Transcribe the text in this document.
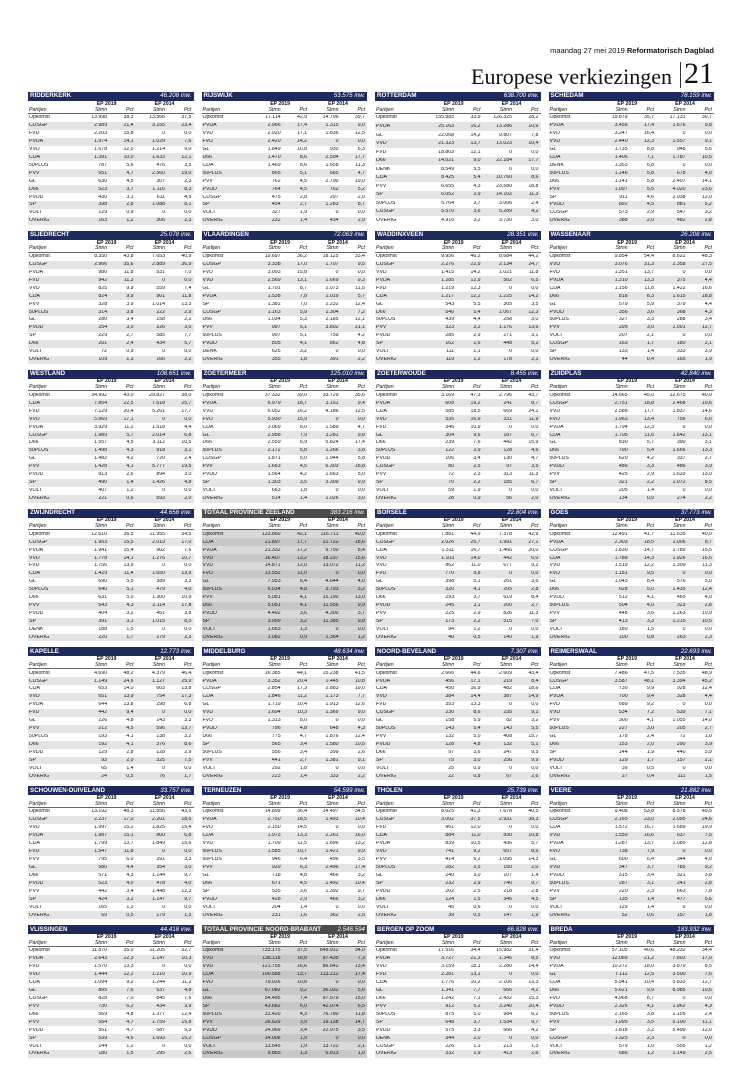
maandag 27 mei 2019 Reformatorisch Dagblad
Europese verkiezingen 21
RIDDERKERK	46.208 inw.
EP 2019	EP 2014
Partijen	Stmn	Pct	Stmn	Pct
Opkomst	13.998	38,3	13.566	37,5
CUSGP	2.989	21,4	3.155	23,4
FVD	2.203	15,8	0	0,0
PVDA	1.974	14,1	1.029	7,6
VVD	1.678	12,0	1.214	9,0
CDA	1.391	10,0	1.633	12,1
50PLUS	787	5,6	476	3,5
PVV	651	4,7	2.560	19,0
GL	630	4,5	307	2,3
D66	523	3,7	1.116	8,3
PVDD	430	3,1	611	4,5
SP	398	2,8	1.088	8,1
VOLT	129	0,9	0	0,0
OVERIG	163	1,2	306	2,3
RIJSWIJK	53.575 inw.
EP 2019	EP 2014
Partijen	Stmn	Pct	Stmn	Pct
Opkomst	17.114	42,9	14.796	39,7
PVDA	2.966	17,4	1.315	9,0
VVD	2.920	17,1	1.836	12,5
FVD	2.420	14,2	0	0,0
GL	1.849	10,8	930	6,3
D66	1.470	8,6	2.594	17,7
CDA	1.469	8,6	1.658	11,3
50PLUS	865	5,1	685	4,7
PVV	762	4,5	2.790	19,0
PVDD	764	4,5	762	5,2
CUSGP	475	2,8	297	2,0
SP	454	2,7	1.283	8,7
VOLT	327	1,9	0	0,0
OVERIG	232	1,4	434	2,9
ROTTERDAM	638.700 inw.
EP 2019	EP 2014
Partijen	Stmn	Pct	Stmn	Pct
Opkomst	155.983	33,9	126.325	28,2
PVDA	25.163	16,2	13.286	10,6
GL	22.068	14,2	9.807	7,8
VVD	21.323	13,7	13.023	10,4
FVD	18.803	12,1	0	0,0
D66	14.021	9,0	22.184	17,7
DENK	8.549	5,5	0	0,0
CDA	8.425	5,4	10.760	8,6
PVV	6.655	4,3	23.580	18,8
SP	6.052	3,9	14.102	11,3
50PLUS	5.764	3,7	3.006	2,4
CUSGP	5.570	3,6	5.289	4,2
OVERIG	4.916	3,2	3.730	3,0
SCHIEDAM	78.159 inw.
EP 2019	EP 2014
Partijen	Stmn	Pct	Stmn	Pct
Opkomst	19.879	35,7	17.131	30,7
PVDA	3.456	17,4	1.676	9,8
FVD	3.247	16,4	0	0,0
VVD	2.440	12,3	1.557	9,1
GL	1.735	8,8	948	5,6
CDA	1.406	7,1	1.787	10,5
DENK	1.353	6,8	0	0,0
50PLUS	1.146	5,8	678	4,0
D66	1.141	5,8	2.407	14,1
PVV	1.097	5,5	4.020	23,6
SP	911	4,6	2.038	12,0
PVDD	892	4,5	881	5,2
CUSGP	573	2,9	547	3,2
OVERIG	388	2,0	482	2,8
SLIEDRECHT	25.078 inw.
EP 2019	EP 2014
Partijen	Stmn	Pct	Stmn	Pct
Opkomst	8.350	43,8	7.653	40,9
CUSGP	2.966	35,6	2.889	36,9
PVDA	980	11,8	531	7,0
FVD	942	11,3	0	0,0
VVD	825	9,9	559	7,4
CDA	824	9,9	901	11,8
PVV	328	3,9	1.014	13,3
50PLUS	314	3,8	222	2,9
GL	280	3,4	158	2,1
PVDD	254	3,0	226	3,0
SP	229	2,7	585	7,7
D66	201	2,4	434	5,7
VOLT	72	0,9	0	0,0
OVERIG	109	1,3	166	2,2
VLAARDINGEN	72.063 inw.
EP 2019	EP 2014
Partijen	Stmn	Pct	Stmn	Pct
Opkomst	19.697	36,2	18.125	33,4
CUSGP	3.338	17,0	1.707	9,5
FVD	3.093	15,8	0	0,0
VVD	2.569	13,1	1.669	9,3
GL	1.701	8,7	2.073	11,5
PVDA	1.538	7,8	1.019	5,7
SP	1.382	7,0	2.232	12,4
CUSGP	1.163	5,9	1.304	7,2
D66	1.034	5,3	2.185	12,1
PVV	997	5,1	3.802	21,1
50PLUS	997	5,1	759	4,2
PVDD	805	4,1	862	4,8
DENK	625	3,2	0	0,0
OVERIG	355	1,8	391	2,2
WADDINXVEEN	28.351 inw.
EP 2019	EP 2014
Partijen	Stmn	Pct	Stmn	Pct
Opkomst	9.956	46,2	8.684	44,2
CUSGP	2.276	22,9	2.134	24,7
VVD	1.415	14,2	1.021	11,8
PVDA	1.285	12,9	562	6,5
FVD	1.219	12,3	0	0,0
CDA	1.217	12,2	1.225	14,2
GL	543	5,5	305	3,5
D66	540	5,4	1.067	12,3
50PLUS	439	4,4	258	3,0
PVV	323	3,2	1.176	13,6
PVDD	285	2,9	271	3,1
SP	162	1,6	448	5,2
VOLT	111	1,1	0	0,0
OVERIG	119	1,2	178	2,1
WASSENAAR	26.208 inw.
EP 2019	EP 2014
Partijen	Stmn	Pct	Stmn	Pct
Opkomst	9.854	54,4	8.622	48,3
VVD	3.076	31,3	2.358	27,5
FVD	1.351	13,7	0	0,0
PVDA	1.310	13,3	375	4,4
CDA	1.156	11,8	1.422	16,6
D66	818	8,3	1.615	18,8
GL	579	5,9	379	4,4
PVDD	356	3,6	368	4,3
50PLUS	327	3,3	288	3,4
PVV	295	3,0	1.091	12,7
VOLT	207	2,1	0	0,0
CUSGP	163	1,7	180	2,1
SP	133	1,4	333	3,9
OVERIG	44	0,4	165	1,9
WESTLAND	108.651 inw.
EP 2019	EP 2014
Partijen	Stmn	Pct	Stmn	Pct
Opkomst	34.992	43,0	29.827	38,0
CDA	7.854	22,5	7.618	25,7
FVD	7.129	20,4	5.261	17,7
VVD	5.969	17,1	0	0,0
PVDA	3.929	11,2	1.518	4,4
CUSGP	1.989	5,7	2.014	6,8
D66	1.557	4,5	3.112	10,5
50PLUS	1.498	4,3	918	3,1
GL	1.482	4,2	720	2,4
PVV	1.428	4,1	5.777	19,5
PVDD	913	2,6	894	3,0
SP	490	1,4	1.426	4,8
VOLT	407	1,2	0	0,0
OVERIG	221	0,6	593	2,0
ZOETERMEER	125.010 inw.
EP 2019	EP 2014
Partijen	Stmn	Pct	Stmn	Pct
Opkomst	37.332	39,0	33.729	35,6
PVDA	6.979	18,7	3.151	9,4
VVD	6.052	16,2	4.186	12,5
FVD	5.930	15,9	0	0,0
CDA	3.069	8,0	1.589	4,7
GL	2.958	7,9	3.281	9,8
D66	2.559	6,9	5.824	17,4
50PLUS	2.172	5,8	1.266	3,8
CUSGP	1.871	5,0	1.944	5,8
PVV	1.663	4,5	6.303	18,8
PVDD	1.564	4,2	1.663	5,0
SP	1.303	3,5	3.309	9,9
VOLT	663	1,8	0	0,0
OVERIG	514	1,4	1.026	3,0
ZOETERWOUDE	8.455 inw.
EP 2019	EP 2014
Partijen	Stmn	Pct	Stmn	Pct
Opkomst	3.169	47,3	2.796	43,7
PVDA	608	19,2	241	8,7
CDA	585	18,5	669	24,1
VVD	535	16,9	331	11,9
FVD	346	10,9	0	0,0
GL	304	9,6	187	6,7
D66	239	7,6	442	15,9
50PLUS	122	3,9	128	4,6
PVDD	106	3,4	130	4,7
CUSGP	80	2,5	97	3,5
PVV	72	2,3	313	11,3
SP	70	2,2	185	6,7
VOLT	59	1,9	0	0,0
OVERIG	28	0,9	56	2,0
ZUIDPLAS	42.840 inw.
EP 2019	EP 2014
Partijen	Stmn	Pct	Stmn	Pct
Opkomst	14.665	45,0	12.675	40,0
CUSGP	2.751	18,8	2.468	19,6
VVD	2.588	17,7	1.837	14,6
FVD	1.963	13,4	756	6,0
PVDA	1.794	12,3	0	0,0
CDA	1.705	11,6	1.642	13,1
GL	830	5,7	390	3,1
D66	790	5,4	1.666	13,3
50PLUS	620	4,2	337	2,7
PVDD	486	3,3	486	3,9
PVV	425	2,9	1.633	13,0
SP	321	2,2	1.072	8,5
VOLT	205	1,4	0	0,0
OVERIG	134	0,9	274	2,2
ZWIJNDRECHT	44.658 inw.
EP 2019	EP 2014
Partijen	Stmn	Pct	Stmn	Pct
Opkomst	12.610	36,5	11.955	34,5
CUSGP	1.953	15,5	2.019	17,0
PVDA	1.941	15,4	902	7,6
VVD	1.778	14,1	1.276	10,7
FVD	1.756	13,9	0	0,0
CDA	1.429	11,4	1.650	13,9
GL	690	5,5	389	3,3
50PLUS	640	5,1	479	4,0
D66	631	5,0	1.300	10,9
PVV	543	4,3	2.114	17,8
PVDD	404	3,2	451	3,8
SP	391	3,1	1.015	8,5
DENK	188	1,5	0	0,0
OVERIG	220	1,7	279	2,3
TOTAAL PROVINCIE ZEELAND	383.216 inw.
EP 2019	EP 2014
Partijen	Stmn	Pct	Stmn	Pct
Opkomst	123.860	42,1	116.711	40,0
CDA	21.897	17,7	21.722	18,6
PVDA	21.332	17,2	9.750	8,4
VVD	16.407	13,2	18.237	15,6
VVD	14.871	12,0	13.072	11,2
FVD	13.552	11,0	0	0,0
GL	7.953	6,4	4.644	4,0
50PLUS	6.034	4,8	3.793	3,2
PVV	5.081	4,1	15.190	13,0
D66	5.051	4,1	11.556	9,9
PVDD	4.492	3,6	4.300	3,7
SP	3.999	3,2	11.385	9,8
VOLT	1.663	1,3	0	0,0
OVERIG	1.082	0,9	1.364	1,2
BORSELE	22.804 inw.
EP 2019	EP 2014
Partijen	Stmn	Pct	Stmn	Pct
Opkomst	7.881	44,9	7.378	42,9
CUSGP	2.026	25,7	1.991	27,1
CDA	1.311	16,7	1.466	20,0
VVD	1.103	14,0	442	6,0
VVD	862	11,0	677	9,2
FVD	770	9,8	0	0,0
GL	398	5,1	261	3,6
50PLUS	320	4,1	205	2,8
D66	293	3,7	619	8,4
PVDD	245	3,1	200	2,7
PVV	225	2,9	826	11,3
SP	173	2,2	515	7,0
VOLT	94	1,2	0	0,0
OVERIG	40	0,5	140	1,9
GOES	37.773 inw.
EP 2019	EP 2014
Partijen	Stmn	Pct	Stmn	Pct
Opkomst	12.491	41,7	11.635	40,0
PVDA	2.303	18,5	1.006	8,7
CUSGP	1.830	14,7	1.789	15,5
CDA	1.788	14,3	1.926	16,6
VVD	1.519	12,2	1.309	11,3
FVD	1.181	9,5	0	0,0
GL	1.043	8,4	576	5,0
D66	628	5,0	1.435	12,4
PVDD	512	4,1	465	4,0
50PLUS	504	4,0	323	2,8
PVV	448	3,6	1.263	10,9
SP	413	3,3	1.215	10,5
VOLT	189	1,5	0	0,0
OVERIG	100	0,8	263	2,3
KAPELLE	12.773 inw.
EP 2019	EP 2014
Partijen	Stmn	Pct	Stmn	Pct
Opkomst	4.690	48,2	4.379	46,4
CUSGP	1.149	24,6	1.127	25,9
CDA	653	14,0	603	13,8
VVD	651	13,9	754	17,3
PVDA	644	13,8	298	6,8
FVD	442	9,4	0	0,0
GL	226	4,8	143	3,3
PVV	212	4,5	596	13,7
50PLUS	193	4,1	138	3,2
D66	192	4,1	376	8,6
PVDD	129	2,8	128	2,9
SP	93	2,0	325	7,5
VOLT	65	1,4	0	0,0
OVERIG	24	0,5	76	1,7
MIDDELBURG	48.634 inw.
EP 2019	EP 2014
Partijen	Stmn	Pct	Stmn	Pct
Opkomst	16.385	44,1	15.238	41,5
PVDA	3.352	20,4	1.445	10,8
CUSGP	2.854	17,3	2.883	19,0
CDA	1.846	11,2	1.173	7,7
GL	1.719	10,4	1.913	12,6
VVD	1.694	10,3	1.369	9,0
FVD	1.313	8,0	0	0,0
PVDD	796	4,8	648	4,3
D66	775	4,7	1.876	12,4
SP	565	3,4	1.580	10,5
50PLUS	556	3,4	399	2,6
PVV	441	2,7	1.381	9,1
VOLT	292	1,8	0	0,0
OVERIG	223	1,4	333	2,2
NOORD-BEVELAND	7.307 inw.
EP 2019	EP 2014
Partijen	Stmn	Pct	Stmn	Pct
Opkomst	2.666	44,6	2.609	43,4
PVDA	456	17,1	219	8,4
CDA	450	16,9	482	18,6
VVD	384	14,4	387	14,9
FVD	353	13,3	0	0,0
CUSGP	230	8,6	235	9,1
GL	158	5,9	82	3,2
50PLUS	143	5,4	143	5,5
PVV	132	5,0	408	15,7
PVDD	128	4,8	132	5,1
D66	97	3,6	247	9,5
SP	79	3,0	256	9,9
VOLT	25	0,9	0	0,0
OVERIG	22	0,8	67	2,6
REIMERSWAAL	22.693 inw.
EP 2019	EP 2014
Partijen	Stmn	Pct	Stmn	Pct
Opkomst	7.486	47,5	7.535	48,9
CUSGP	3.587	48,1	3.394	45,2
CDA	739	9,9	928	12,4
PVDA	700	9,4	328	4,4
FVD	689	9,2	0	0,0
VVD	534	7,2	539	7,1
PVV	300	4,1	1.055	14,0
50PLUS	227	3,0	205	2,7
GL	178	2,4	72	1,0
D66	153	2,0	290	3,9
SP	144	1,9	440	5,9
PVDD	129	1,7	157	2,1
VOLT	39	0,5	0	0,0
OVERIG	27	0,4	111	1,5
SCHOUWEN-DUIVELAND	33.757 inw.
EP 2019	EP 2014
Partijen	Stmn	Pct	Stmn	Pct
Opkomst	13.192	48,3	11.856	43,5
CUSGP	2.237	17,0	2.201	18,6
VVD	1.997	15,2	1.825	15,4
PVDA	1.987	15,1	800	6,8
CDA	1.799	13,7	1.849	15,6
FVD	1.547	11,8	0	0,0
PVV	795	6,0	391	3,3
GL	580	4,4	354	3,0
D66	571	4,3	1.144	9,7
PVDD	523	4,0	478	4,0
PVV	442	3,4	1.448	12,3
SP	424	3,2	1.147	9,7
VOLT	165	1,3	0	0,0
OVERIG	69	0,5	179	1,5
TERNEUZEN	54.599 inw.
EP 2019	EP 2014
Partijen	Stmn	Pct	Stmn	Pct
Opkomst	14.899	36,4	14.497	34,5
PVDA	2.750	18,5	1.493	10,4
FVD	2.150	14,5	0	0,0
CDA	1.973	13,3	2.261	16,0
VVD	1.709	11,5	1.896	13,2
50PLUS	1.585	10,7	1.421	9,9
50PLUS	946	6,4	496	3,5
PVV	929	6,3	2.496	17,4
GL	718	4,8	466	3,2
D66	671	4,5	1.492	10,4
SP	535	3,6	1.392	9,7
PVDD	428	2,9	466	3,2
VOLT	204	1,4	0	0,0
OVERIG	231	1,6	362	2,5
THOLEN	25.739 inw.
EP 2019	EP 2014
Partijen	Stmn	Pct	Stmn	Pct
Opkomst	8.025	41,3	7.678	40,5
CUSGP	3.002	37,5	2.931	38,3
FVD	961	12,0	0	0,0
CDA	884	11,0	830	10,8
PVDA	839	10,5	436	5,7
VVD	741	9,2	657	8,6
PVV	414	5,2	1.095	14,3
50PLUS	282	3,5	150	2,0
GL	240	3,0	107	1,4
SP	232	2,9	740	9,7
PVDD	202	2,5	218	2,8
D66	124	1,5	346	4,5
VOLT	45	0,6	0	0,0
OVERIG	39	0,5	147	1,9
VEERE	21.882 inw.
EP 2019	EP 2014
Partijen	Stmn	Pct	Stmn	Pct
Opkomst	9.408	53,8	8.578	49,5
CUSGP	2.165	23,0	2.095	24,6
CDA	1.572	16,7	1.689	19,9
VVD	1.559	16,6	637	7,5
PVDA	1.287	13,7	1.085	12,8
FVD	738	7,9	0	0,0
GL	600	6,4	344	4,0
VVD	347	3,7	785	9,2
PVDD	315	3,4	321	3,8
50PLUS	287	3,1	241	2,8
PVV	220	2,3	663	7,8
SP	135	1,4	477	5,6
VOLT	129	1,4	0	0,0
OVERIG	52	0,6	157	1,8
VLISSINGEN	44.418 inw.
EP 2019	EP 2014
Partijen	Stmn	Pct	Stmn	Pct
Opkomst	11.870	35,0	11.205	32,7
PVDA	2.643	22,3	1.147	10,3
FVD	1.570	13,3	0	0,0
VVD	1.444	12,2	1.210	10,9
CDA	1.094	9,2	1.244	11,2
GL	895	7,6	537	4,8
CUSGP	828	7,0	845	7,6
PVV	730	6,2	434	3,9
D66	569	4,8	1.377	12,4
PVV	554	4,7	1.759	15,8
PVDD	551	4,7	587	5,3
SP	539	4,6	1.693	15,2
VOLT	144	1,2	0	0,0
OVERIG	180	1,5	295	2,6
TOTAAL PROVINCIE NOORD-BRABANT	2.546.594
EP 2019	EP 2014
Partijen	Stmn	Pct	Stmn	Pct
Opkomst	733.175	37,5	648.912	34,0
VVD	138.118	18,8	97.435	7,3
VVD	121.755	16,6	86.642	13,4
CDA	100.588	13,7	113.212	17,4
FVD	79.026	10,8	0	0,0
GL	67.082	9,2	36.032	5,6
D66	54.495	7,4	97.579	15,0
SP	43.882	6,0	42.074	6,5
50PLUS	31.420	4,3	76.780	11,8
PVV	28.629	3,9	19.138	14,7
PVDD	24.969	3,4	22.975	3,5
CUSGP	14.008	1,9	0	0,0
VOLT	13.645	1,9	13.722	2,1
OVERIG	9.865	1,3	6.813	1,0
BERGEN OP ZOOM	66.828 inw.
EP 2019	EP 2014
Partijen	Stmn	Pct	Stmn	Pct
Opkomst	17.516	34,4	15.982	31,4
PVDA	3.727	21,3	1.346	8,5
VVD	3.159	18,1	2.280	14,4
FVD	2.281	13,1	0	0,0
CDA	1.776	10,2	2.106	13,3
GL	1.341	7,7	666	4,2
D66	1.242	7,1	2.432	15,3
PVV	912	5,2	3.240	20,4
50PLUS	875	5,0	984	6,2
SP	648	3,7	1.534	9,7
PVDD	575	3,3	666	4,2
DENK	344	2,0	0	0,0
CUSGP	226	1,3	213	1,3
OVERIG	332	1,9	413	2,6
BREDA	183.932 inw.
EP 2019	EP 2014
Partijen	Stmn	Pct	Stmn	Pct
Opkomst	57.105	40,6	48.232	34,4
VVD	12.069	21,2	7.803	17,0
PVDA	10.272	18,0	3.879	8,5
GL	7.112	12,5	3.500	7,6
CDA	5.941	10,4	5.833	12,7
D66	5.621	9,9	8.985	19,6
FVD	4.968	8,7	0	0,0
PVDD	2.326	4,1	1.962	4,3
50PLUS	2.165	3,8	1.105	2,4
PVV	1.995	3,5	5.100	11,1
SP	1.818	3,2	5.499	12,0
CUSGP	1.325	2,3	0	0,0
VOLT	579	1,0	555	1,2
OVERIG	686	1,2	1.149	2,5
